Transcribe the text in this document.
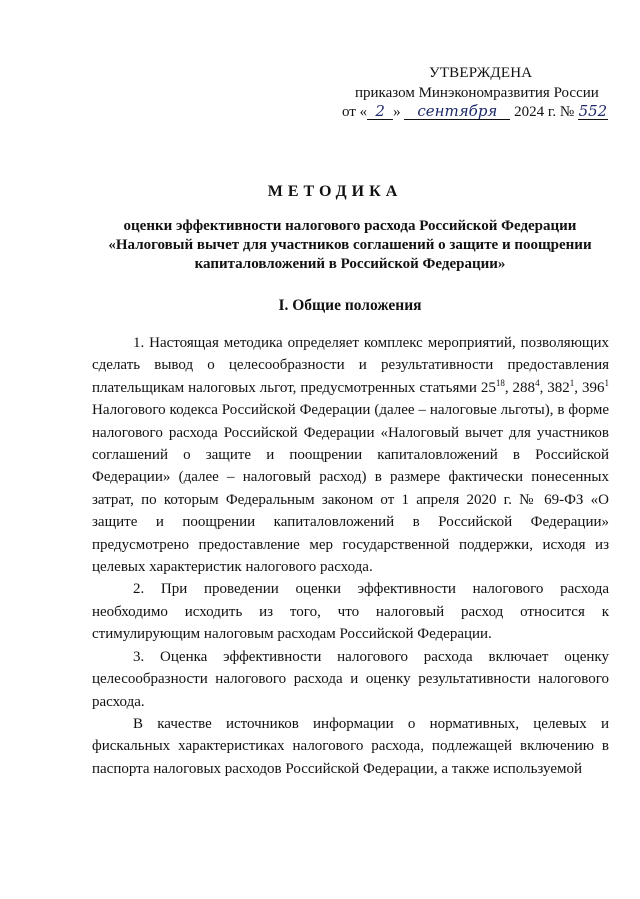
УТВЕРЖДЕНА
приказом Минэкономразвития России
от « 2 » сентября 2024 г. № 552
МЕТОДИКА
оценки эффективности налогового расхода Российской Федерации
«Налоговый вычет для участников соглашений о защите и поощрении
капиталовложений в Российской Федерации»
I. Общие положения

1. Настоящая методика определяет комплекс мероприятий, позволяющих сделать вывод о целесообразности и результативности предоставления плательщикам налоговых льгот, предусмотренных статьями $25^{18}$, $288^4$, $382^1$, $396^1$ Налогового кодекса Российской Федерации (далее – налоговые льготы), в форме налогового расхода Российской Федерации «Налоговый вычет для участников соглашений о защите и поощрении капиталовложений в Российской Федерации» (далее – налоговый расход) в размере фактически понесенных затрат, по которым Федеральным законом от 1 апреля 2020 г. № 69-ФЗ «О защите и поощрении капиталовложений в Российской Федерации» предусмотрено предоставление мер государственной поддержки, исходя из целевых характеристик налогового расхода.

2. При проведении оценки эффективности налогового расхода необходимо исходить из того, что налоговый расход относится к стимулирующим налоговым расходам Российской Федерации.

3. Оценка эффективности налогового расхода включает оценку целесообразности налогового расхода и оценку результативности налогового расхода.

В качестве источников информации о нормативных, целевых и фискальных характеристиках налогового расхода, подлежащей включению в паспорта налоговых расходов Российской Федерации, а также используемой
